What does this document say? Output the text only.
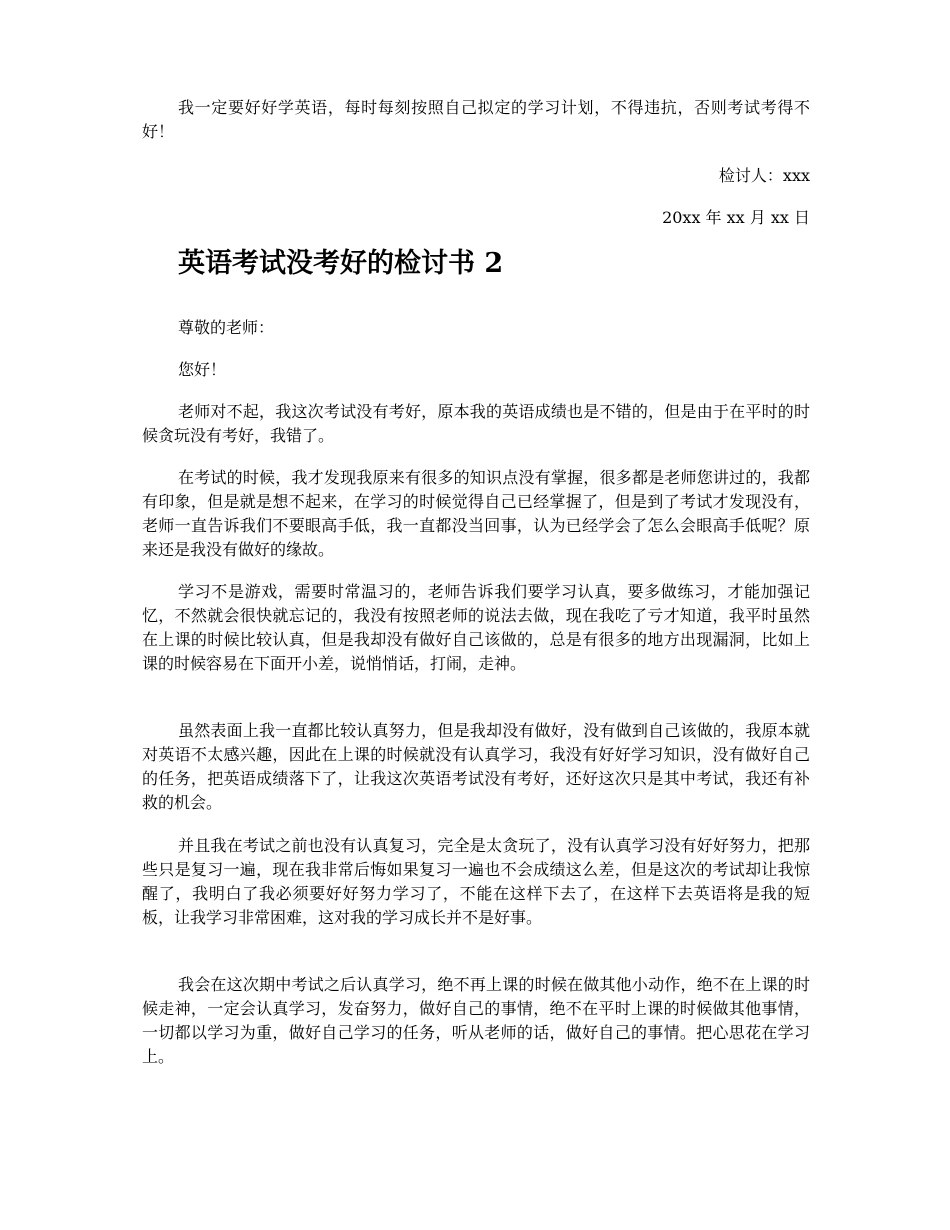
我一定要好好学英语，每时每刻按照自己拟定的学习计划，不得违抗，否则考试考得不好！

检讨人：xxx

20xx 年 xx 月 xx 日

英语考试没考好的检讨书 2

尊敬的老师：

您好！

老师对不起，我这次考试没有考好，原本我的英语成绩也是不错的，但是由于在平时的时候贪玩没有考好，我错了。

在考试的时候，我才发现我原来有很多的知识点没有掌握，很多都是老师您讲过的，我都有印象，但是就是想不起来，在学习的时候觉得自己已经掌握了，但是到了考试才发现没有，老师一直告诉我们不要眼高手低，我一直都没当回事，认为已经学会了怎么会眼高手低呢？原来还是我没有做好的缘故。

学习不是游戏，需要时常温习的，老师告诉我们要学习认真，要多做练习，才能加强记忆，不然就会很快就忘记的，我没有按照老师的说法去做，现在我吃了亏才知道，我平时虽然在上课的时候比较认真，但是我却没有做好自己该做的，总是有很多的地方出现漏洞，比如上课的时候容易在下面开小差，说悄悄话，打闹，走神。

虽然表面上我一直都比较认真努力，但是我却没有做好，没有做到自己该做的，我原本就对英语不太感兴趣，因此在上课的时候就没有认真学习，我没有好好学习知识，没有做好自己的任务，把英语成绩落下了，让我这次英语考试没有考好，还好这次只是其中考试，我还有补救的机会。

并且我在考试之前也没有认真复习，完全是太贪玩了，没有认真学习没有好好努力，把那些只是复习一遍，现在我非常后悔如果复习一遍也不会成绩这么差，但是这次的考试却让我惊醒了，我明白了我必须要好好努力学习了，不能在这样下去了，在这样下去英语将是我的短板，让我学习非常困难，这对我的学习成长并不是好事。

我会在这次期中考试之后认真学习，绝不再上课的时候在做其他小动作，绝不在上课的时候走神，一定会认真学习，发奋努力，做好自己的事情，绝不在平时上课的时候做其他事情，一切都以学习为重，做好自己学习的任务，听从老师的话，做好自己的事情。把心思花在学习上。
